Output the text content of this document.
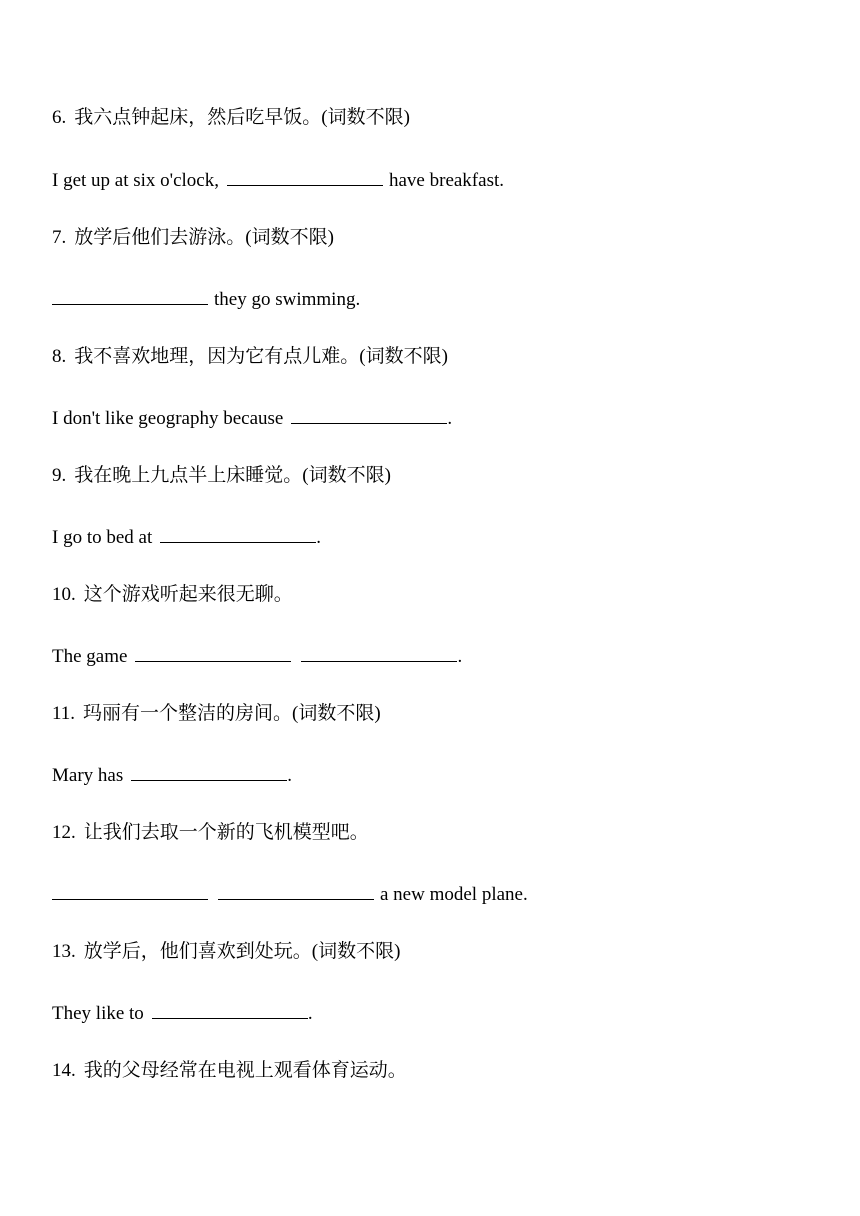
6. 我六点钟起床，然后吃早饭。(词数不限)
I get up at six o'clock,	have breakfast.
7. 放学后他们去游泳。(词数不限)
they go swimming.
8. 我不喜欢地理，因为它有点儿难。(词数不限)
I don't like geography because	.
9. 我在晚上九点半上床睡觉。(词数不限)
I go to bed at	.
10. 这个游戏听起来很无聊。
The game	.
11. 玛丽有一个整洁的房间。(词数不限)
Mary has	.
12. 让我们去取一个新的飞机模型吧。
a new model plane.
13. 放学后，他们喜欢到处玩。(词数不限)
They like to	.
14. 我的父母经常在电视上观看体育运动。
